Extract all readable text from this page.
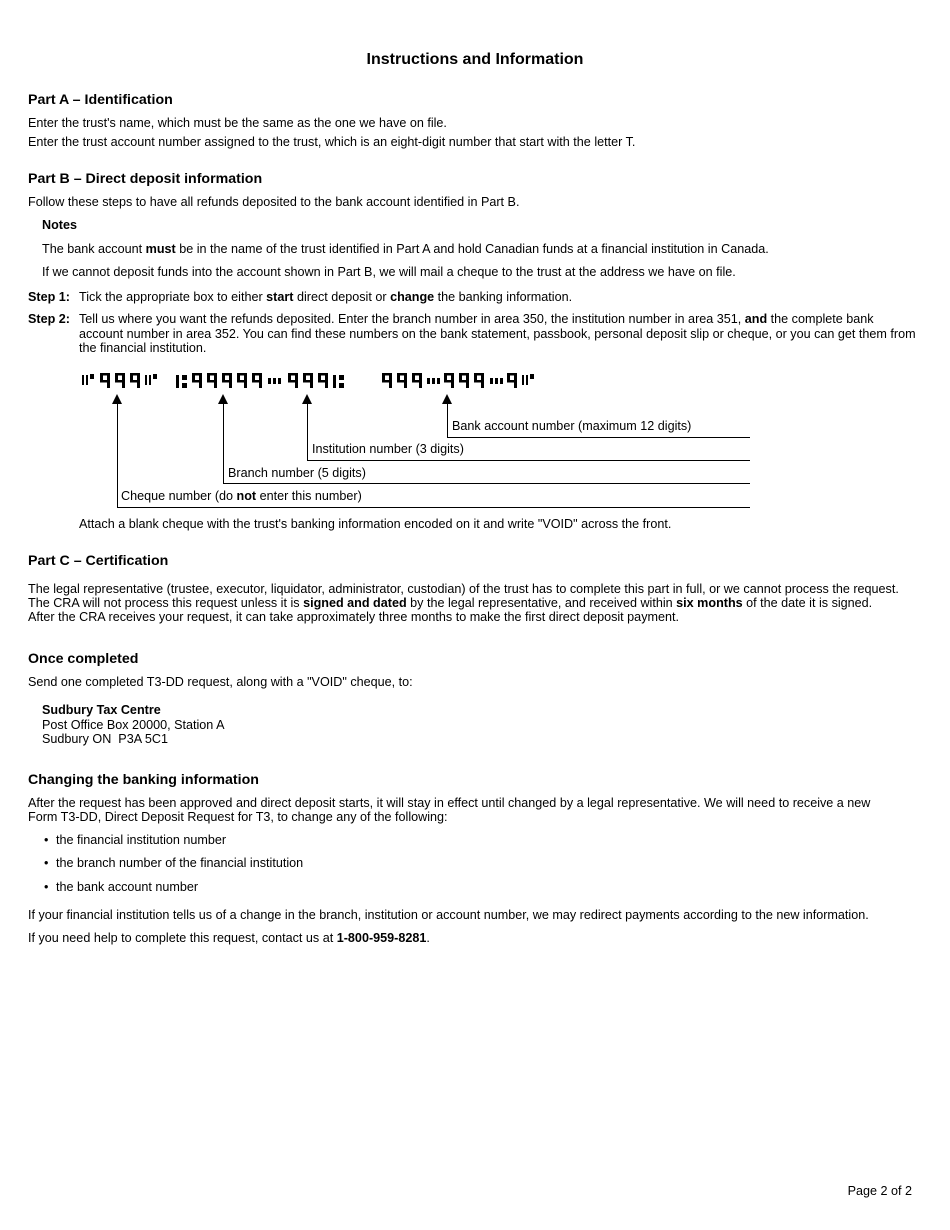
Instructions and Information
Part A – Identification

Enter the trust's name, which must be the same as the one we have on file.

Enter the trust account number assigned to the trust, which is an eight-digit number that start with the letter T.

Part B – Direct deposit information

Follow these steps to have all refunds deposited to the bank account identified in Part B.

Notes

The bank account must be in the name of the trust identified in Part A and hold Canadian funds at a financial institution in Canada.

If we cannot deposit funds into the account shown in Part B, we will mail a cheque to the trust at the address we have on file.

Step 1: Tick the appropriate box to either start direct deposit or change the banking information.

Step 2: Tell us where you want the refunds deposited. Enter the branch number in area 350, the institution number in area 351, and the complete bank account number in area 352. You can find these numbers on the bank statement, passbook, personal deposit slip or cheque, or you can get them from the financial institution.

Bank account number (maximum 12 digits)

Institution number (3 digits)

Branch number (5 digits)

Cheque number (do not enter this number)

Attach a blank cheque with the trust's banking information encoded on it and write "VOID" across the front.

Part C – Certification

The legal representative (trustee, executor, liquidator, administrator, custodian) of the trust has to complete this part in full, or we cannot process the request.

The CRA will not process this request unless it is signed and dated by the legal representative, and received within six months of the date it is signed.

After the CRA receives your request, it can take approximately three months to make the first direct deposit payment.

Once completed

Send one completed T3-DD request, along with a "VOID" cheque, to:

Sudbury Tax Centre
Post Office Box 20000, Station A
Sudbury ON  P3A 5C1
Changing the banking information

After the request has been approved and direct deposit starts, it will stay in effect until changed by a legal representative. We will need to receive a new

Form T3-DD, Direct Deposit Request for T3, to change any of the following:

• the financial institution number

• the branch number of the financial institution

• the bank account number

If your financial institution tells us of a change in the branch, institution or account number, we may redirect payments according to the new information.

If you need help to complete this request, contact us at 1-800-959-8281.

Page 2 of 2
